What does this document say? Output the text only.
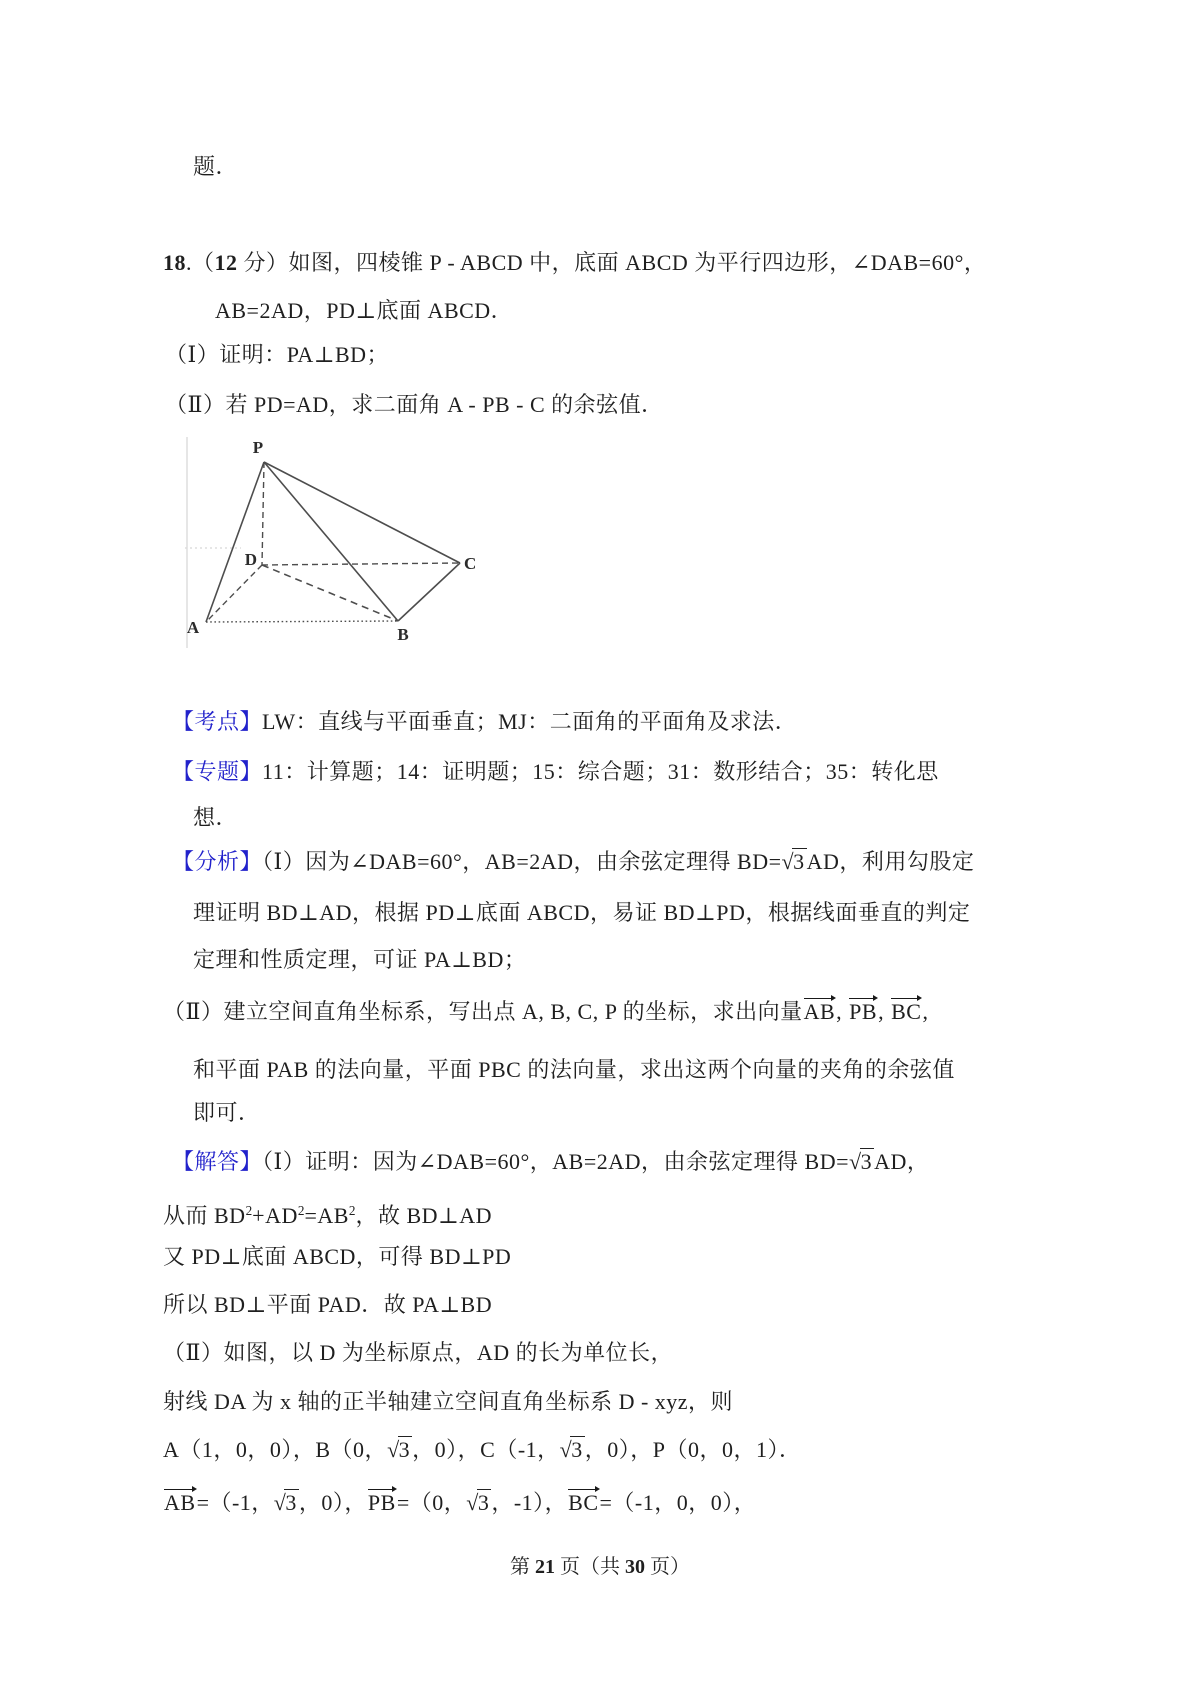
题．

18.（12 分）如图，四棱锥 P - ABCD 中，底面 ABCD 为平行四边形，∠DAB=60°，

AB=2AD，PD⊥底面 ABCD．

（Ⅰ）证明：PA⊥BD；

（Ⅱ）若 PD=AD，求二面角 A - PB - C 的余弦值．

P
D	C
A	B

【考点】LW：直线与平面垂直；MJ：二面角的平面角及求法．

【专题】11：计算题；14：证明题；15：综合题；31：数形结合；35：转化思

想．

【分析】（Ⅰ）因为∠DAB=60°，AB=2AD，由余弦定理得 BD=√3AD，利用勾股定

理证明 BD⊥AD，根据 PD⊥底面 ABCD，易证 BD⊥PD，根据线面垂直的判定

定理和性质定理，可证 PA⊥BD；

（Ⅱ）建立空间直角坐标系，写出点 A, B, C, P 的坐标，求出向量AB, PB, BC,

和平面 PAB 的法向量，平面 PBC 的法向量，求出这两个向量的夹角的余弦值

即可．

【解答】（Ⅰ）证明：因为∠DAB=60°，AB=2AD，由余弦定理得 BD=√3AD，

从而 $BD^2+AD^2=AB^2$，故 BD⊥AD

又 PD⊥底面 ABCD，可得 BD⊥PD

所以 BD⊥平面 PAD．故 PA⊥BD

（Ⅱ）如图，以 D 为坐标原点，AD 的长为单位长，

射线 DA 为 x 轴的正半轴建立空间直角坐标系 D - xyz，则

A（1，0，0），B（0，√3，0），C（-1，√3，0），P（0，0，1）．

AB=（-1，√3，0），PB=（0，√3，-1），BC=（-1，0，0），

第 21 页（共 30 页）
